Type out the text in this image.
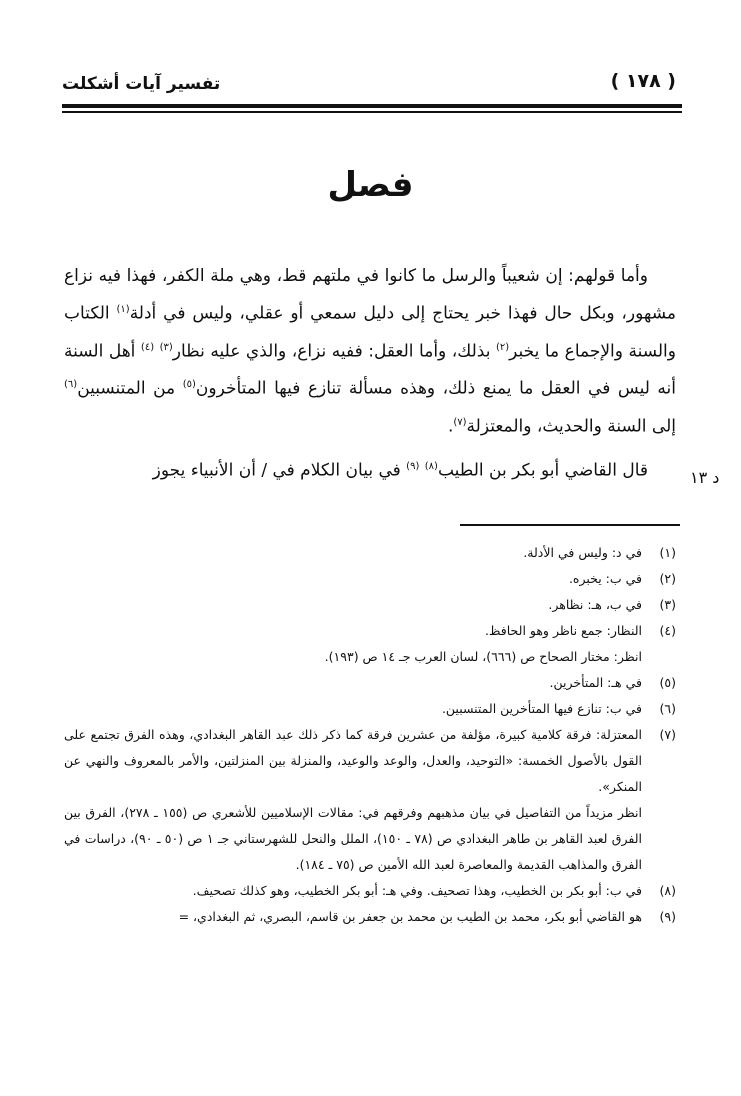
( ١٧٨ )
تفسير آيات أشكلت
فصل

وأما قولهم: إن شعيباً والرسل ما كانوا في ملتهم قط، وهي ملة الكفر، فهذا فيه نزاع مشهور، وبكل حال فهذا خبر يحتاج إلى دليل سمعي أو عقلي، وليس في أدلة$^{(١)}$ الكتاب والسنة والإجماع ما يخبر$^{(٢)}$ بذلك، وأما العقل: ففيه نزاع، والذي عليه نظار$^{(٣)}$ $^{(٤)}$ أهل السنة أنه ليس في العقل ما يمنع ذلك، وهذه مسألة تنازع فيها المتأخرون$^{(٥)}$ من المتنسبين$^{(٦)}$ إلى السنة والحديث، والمعتزلة$^{(٧)}$.

قال القاضي أبو بكر بن الطيب$^{(٨)}$ $^{(٩)}$ في بيان الكلام في / أن الأنبياء يجوز	د ١٣
(١)
في د: وليس في الأدلة.
(٢)
في ب: يخبره.
(٣)
في ب، هـ: نظاهر.
(٤)
النظار: جمع ناظر وهو الحافظ.
انظر: مختار الصحاح ص (٦٦٦)، لسان العرب جـ ١٤ ص (١٩٣).
(٥)
في هـ: المتأخرين.
(٦)
في ب: تنازع فيها المتأخرين المتنسبين.
(٧)
المعتزلة: فرقة كلامية كبيرة، مؤلفة من عشرين فرقة كما ذكر ذلك عبد القاهر البغدادي، وهذه الفرق تجتمع على القول بالأصول الخمسة: «التوحيد، والعدل، والوعد والوعيد، والمنزلة بين المنزلتين، والأمر بالمعروف والنهي عن المنكر».
انظر مزيداً من التفاصيل في بيان مذهبهم وفرقهم في: مقالات الإسلاميين للأشعري ص (١٥٥ ـ ٢٧٨)، الفرق بين الفرق لعبد القاهر بن طاهر البغدادي ص (٧٨ ـ ١٥٠)، الملل والنحل للشهرستاني جـ ١ ص (٥٠ ـ ٩٠)، دراسات في الفرق والمذاهب القديمة والمعاصرة لعبد الله الأمين ص (٧٥ ـ ١٨٤).
(٨)
في ب: أبو بكر بن الخطيب، وهذا تصحيف. وفي هـ: أبو بكر الخطيب، وهو كذلك تصحيف.
(٩)
هو القاضي أبو بكر، محمد بن الطيب بن محمد بن جعفر بن قاسم، البصري، ثم البغدادي، =
